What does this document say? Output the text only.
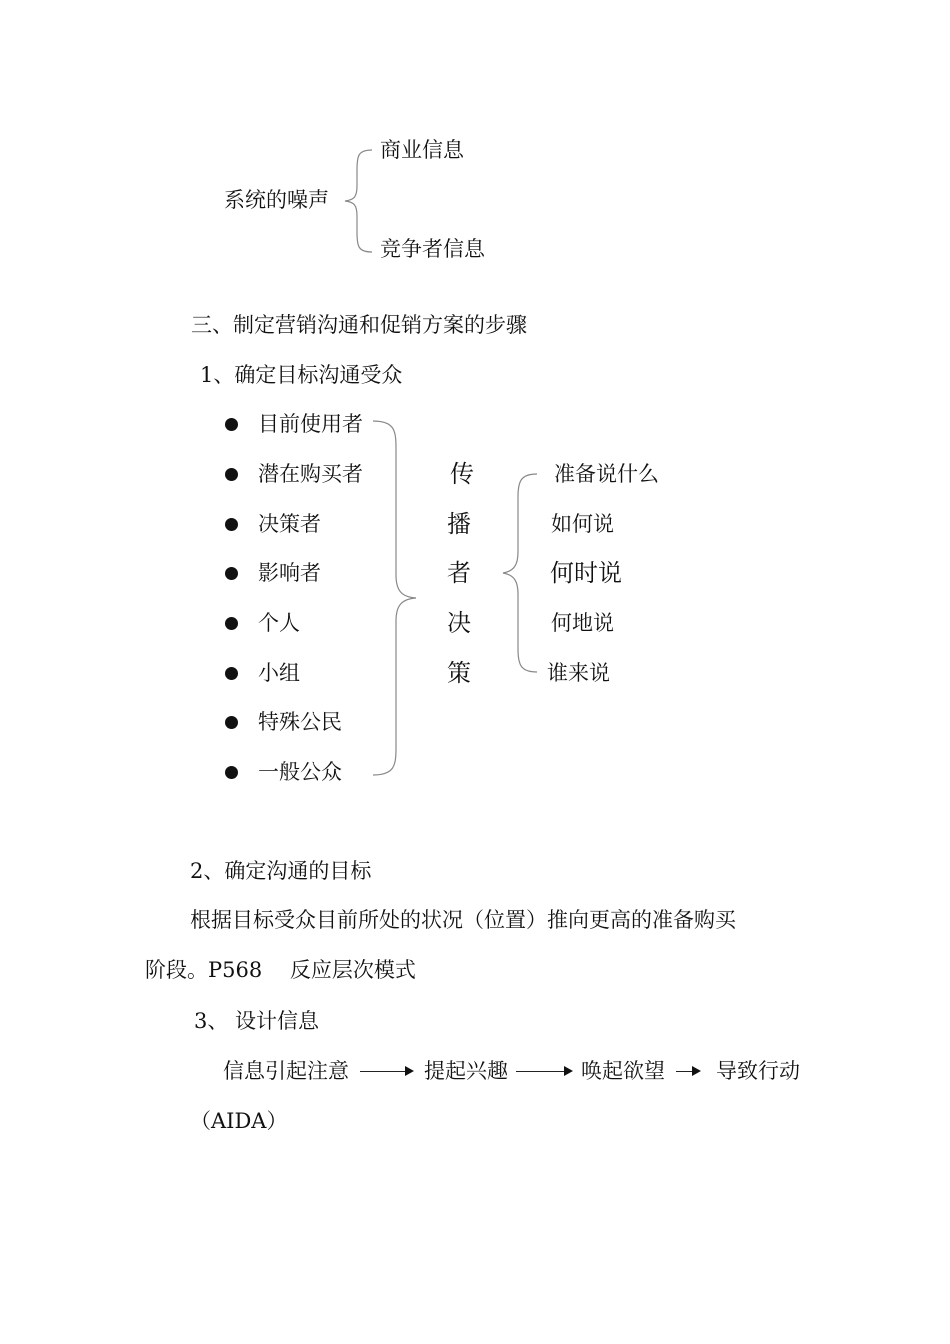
系统的噪声
商业信息
竞争者信息
三、制定营销沟通和促销方案的步骤
1、确定目标沟通受众
目前使用者
潜在购买者
决策者
影响者
个人
小组
特殊公民
一般公众
传
播
者
决
策
准备说什么
如何说
何时说
何地说
谁来说
2、确定沟通的目标
根据目标受众目前所处的状况（位置）推向更高的准备购买
阶段。P568　 反应层次模式
3、 设计信息
信息引起注意	提起兴趣	唤起欲望 导致行动
（AIDA）
